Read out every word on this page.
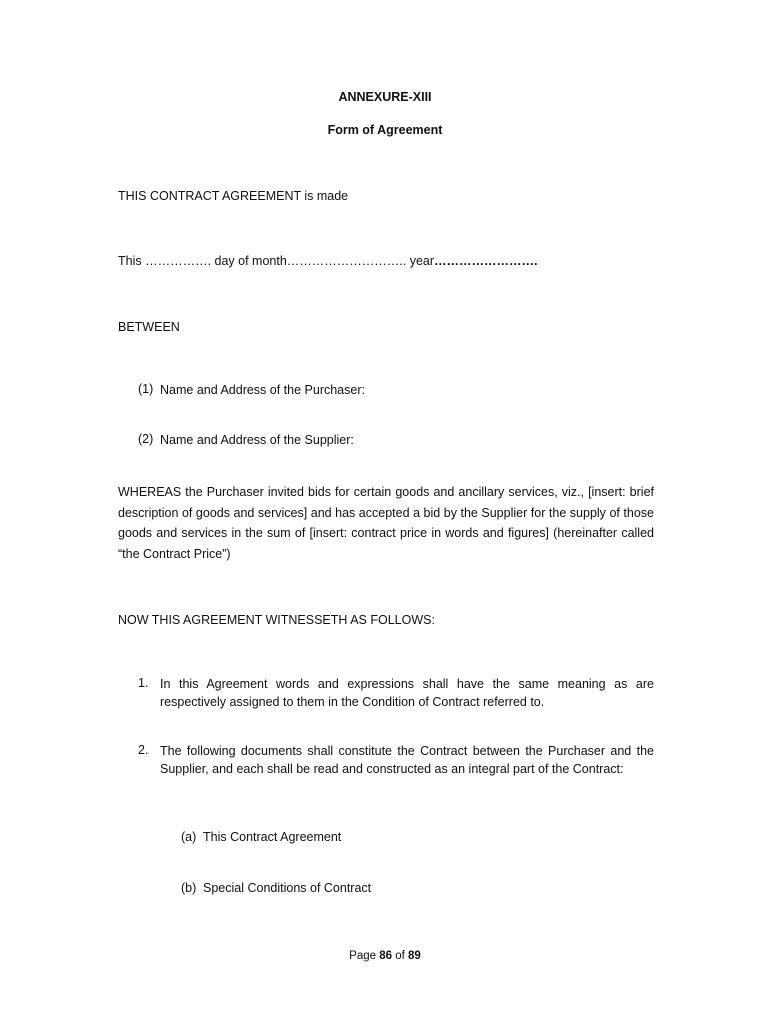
ANNEXURE-XIII
Form of Agreement
THIS CONTRACT AGREEMENT is made
This ……………. day of month……………………….. year…………………….
BETWEEN
(1) Name and Address of the Purchaser:
(2) Name and Address of the Supplier:
WHEREAS the Purchaser invited bids for certain goods and ancillary services, viz., [insert: brief description of goods and services] and has accepted a bid by the Supplier for the supply of those goods and services in the sum of [insert: contract price in words and figures] (hereinafter called “the Contract Price”)
NOW THIS AGREEMENT WITNESSETH AS FOLLOWS:
1. In this Agreement words and expressions shall have the same meaning as are respectively assigned to them in the Condition of Contract referred to.
2. The following documents shall constitute the Contract between the Purchaser and the Supplier, and each shall be read and constructed as an integral part of the Contract:
(a) This Contract Agreement
(b) Special Conditions of Contract
Page 86 of 89
